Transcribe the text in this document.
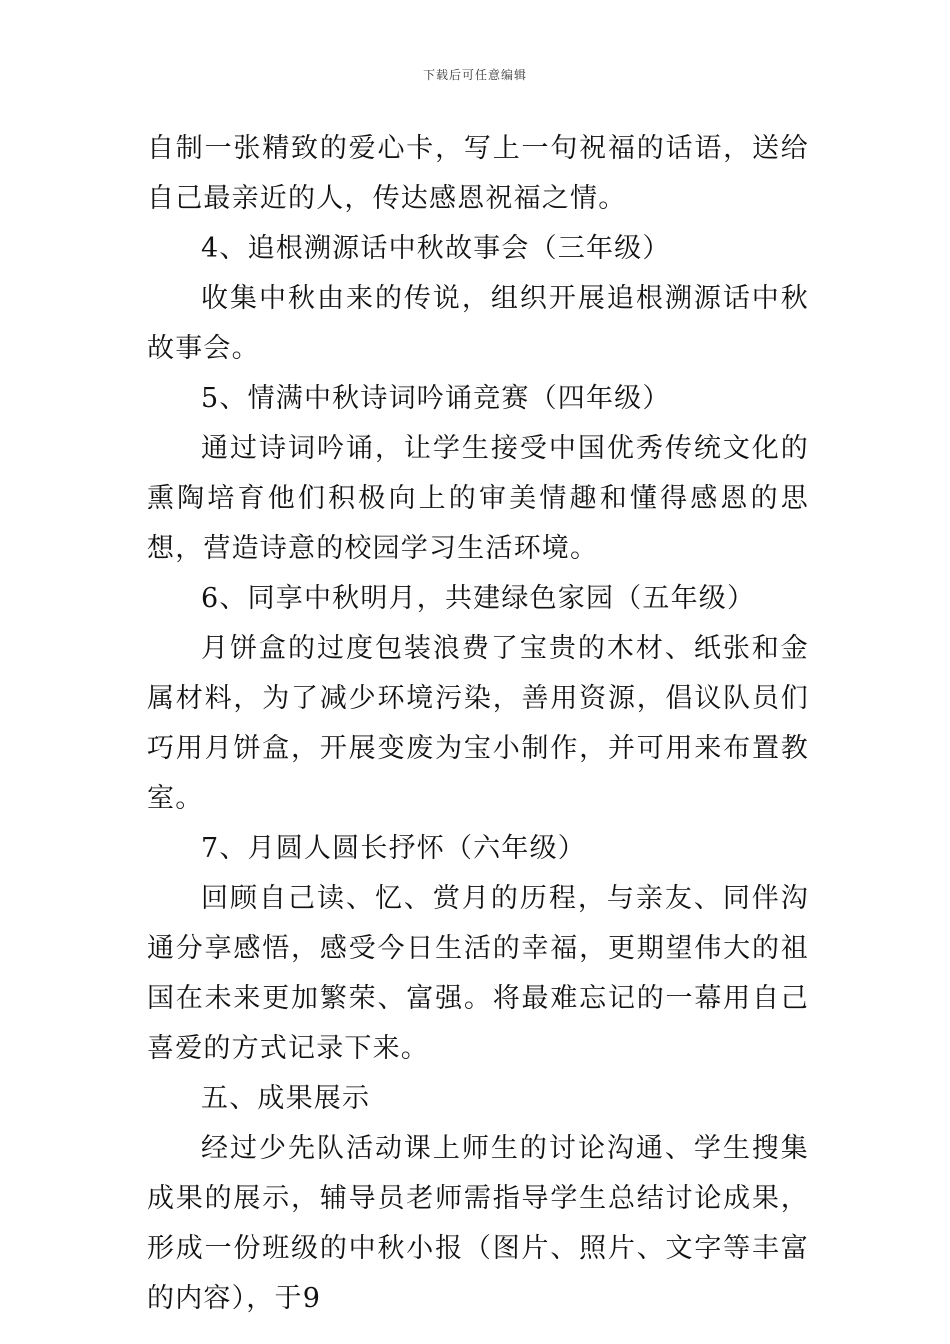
下载后可任意编辑

自制一张精致的爱心卡，写上一句祝福的话语，送给自己最亲近的人，传达感恩祝福之情。

4、追根溯源话中秋故事会（三年级）

收集中秋由来的传说，组织开展追根溯源话中秋故事会。

5、情满中秋诗词吟诵竞赛（四年级）

通过诗词吟诵，让学生接受中国优秀传统文化的熏陶培育他们积极向上的审美情趣和懂得感恩的思想，营造诗意的校园学习生活环境。

6、同享中秋明月，共建绿色家园（五年级）

月饼盒的过度包装浪费了宝贵的木材、纸张和金属材料，为了减少环境污染，善用资源，倡议队员们巧用月饼盒，开展变废为宝小制作，并可用来布置教室。

7、月圆人圆长抒怀（六年级）

回顾自己读、忆、赏月的历程，与亲友、同伴沟通分享感悟，感受今日生活的幸福，更期望伟大的祖国在未来更加繁荣、富强。将最难忘记的一幕用自己喜爱的方式记录下来。

五、成果展示

经过少先队活动课上师生的讨论沟通、学生搜集成果的展示，辅导员老师需指导学生总结讨论成果，形成一份班级的中秋小报（图片、照片、文字等丰富的内容），于9
